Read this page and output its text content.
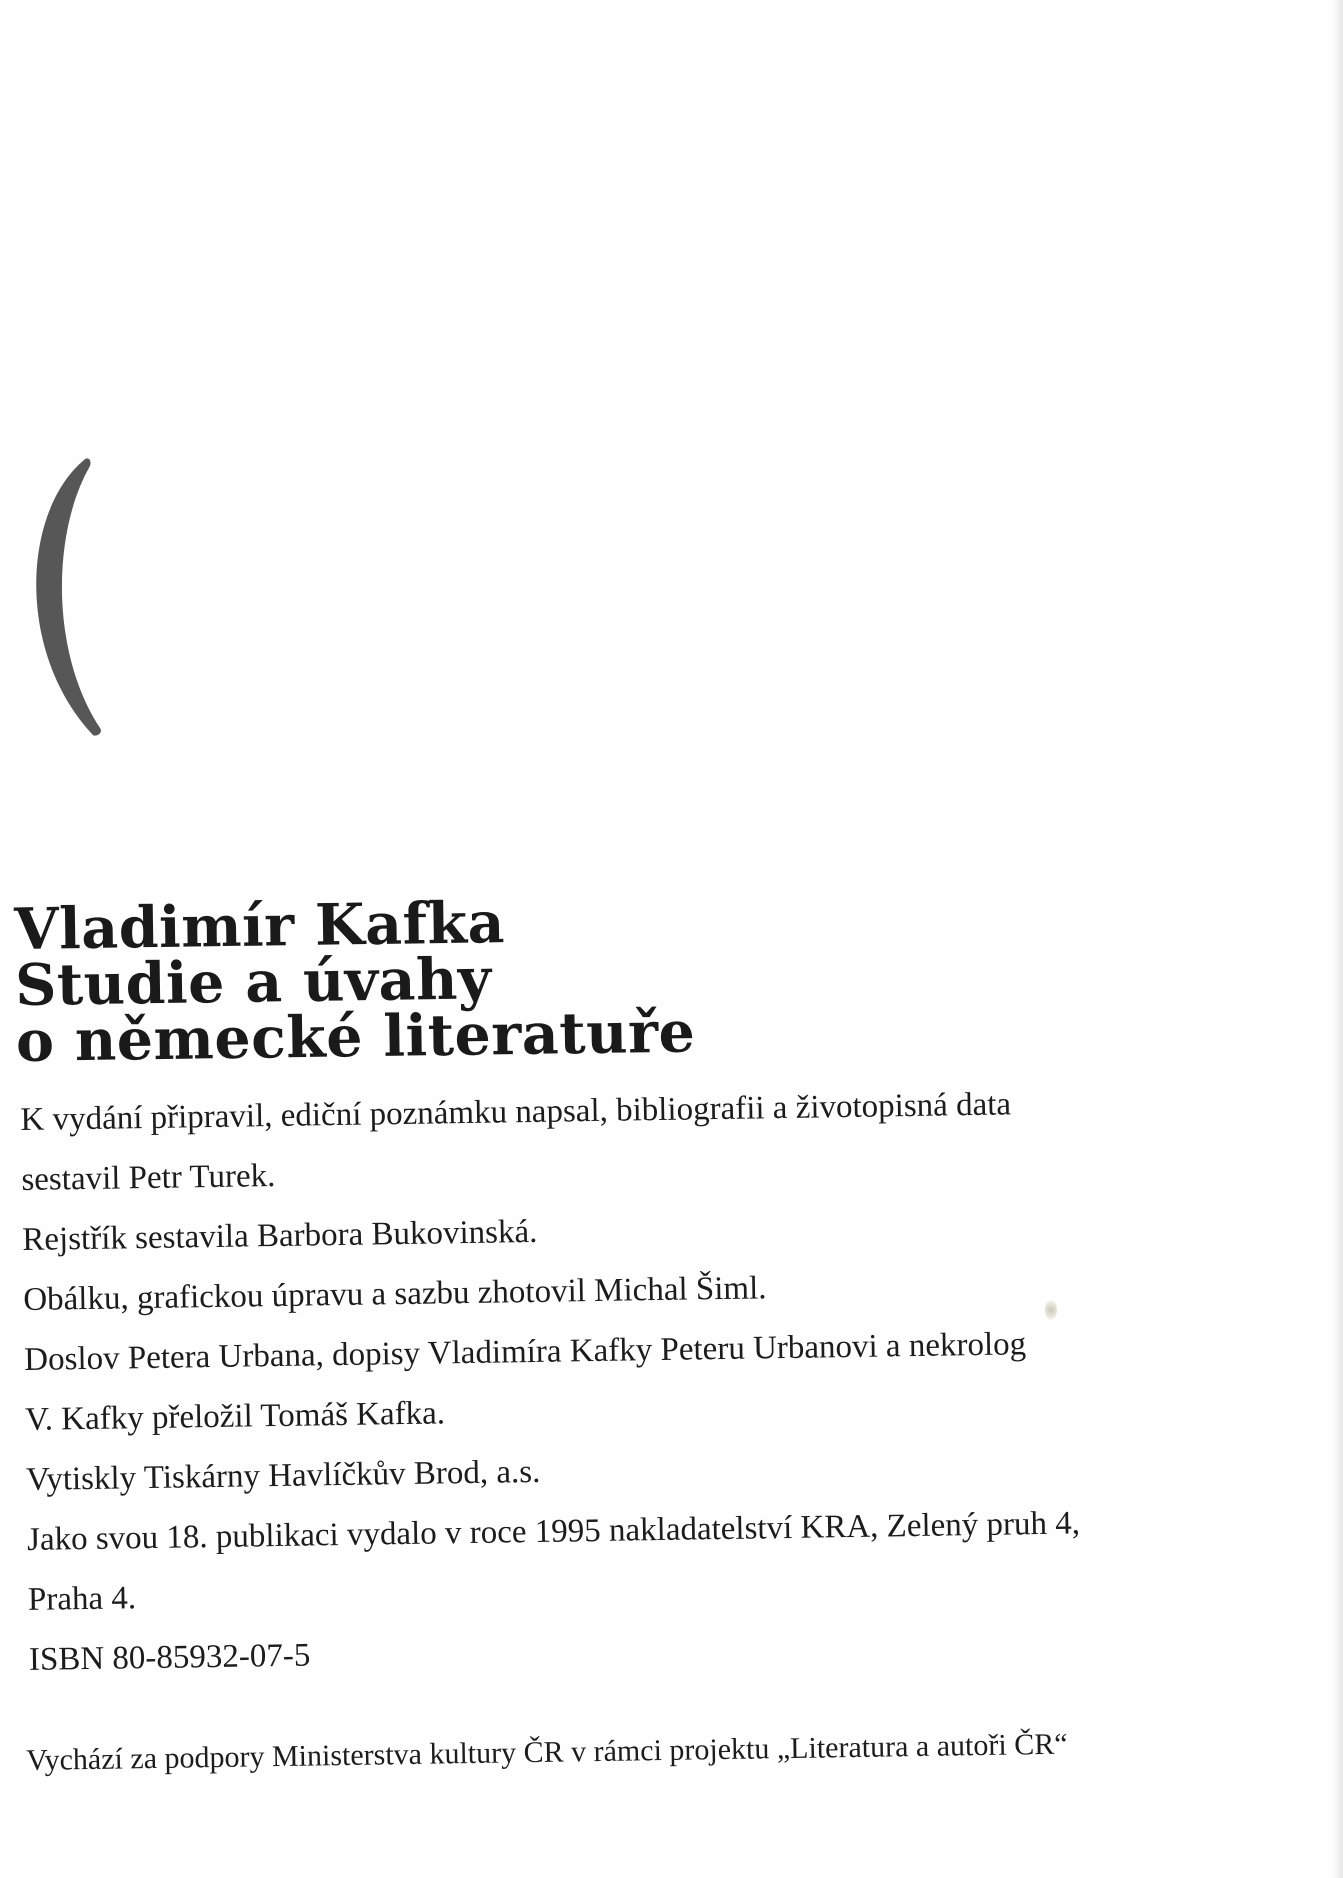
Vladimír Kafka
Studie a úvahy
o německé literatuře
K vydání připravil, ediční poznámku napsal, bibliografii a životopisná data
sestavil Petr Turek.
Rejstřík sestavila Barbora Bukovinská.
Obálku, grafickou úpravu a sazbu zhotovil Michal Šiml.
Doslov Petera Urbana, dopisy Vladimíra Kafky Peteru Urbanovi a nekrolog
V. Kafky přeložil Tomáš Kafka.
Vytiskly Tiskárny Havlíčkův Brod, a.s.
Jako svou 18. publikaci vydalo v roce 1995 nakladatelství KRA, Zelený pruh 4,
Praha 4.
ISBN 80-85932-07-5
Vychází za podpory Ministerstva kultury ČR v rámci projektu „Literatura a autoři ČR“
